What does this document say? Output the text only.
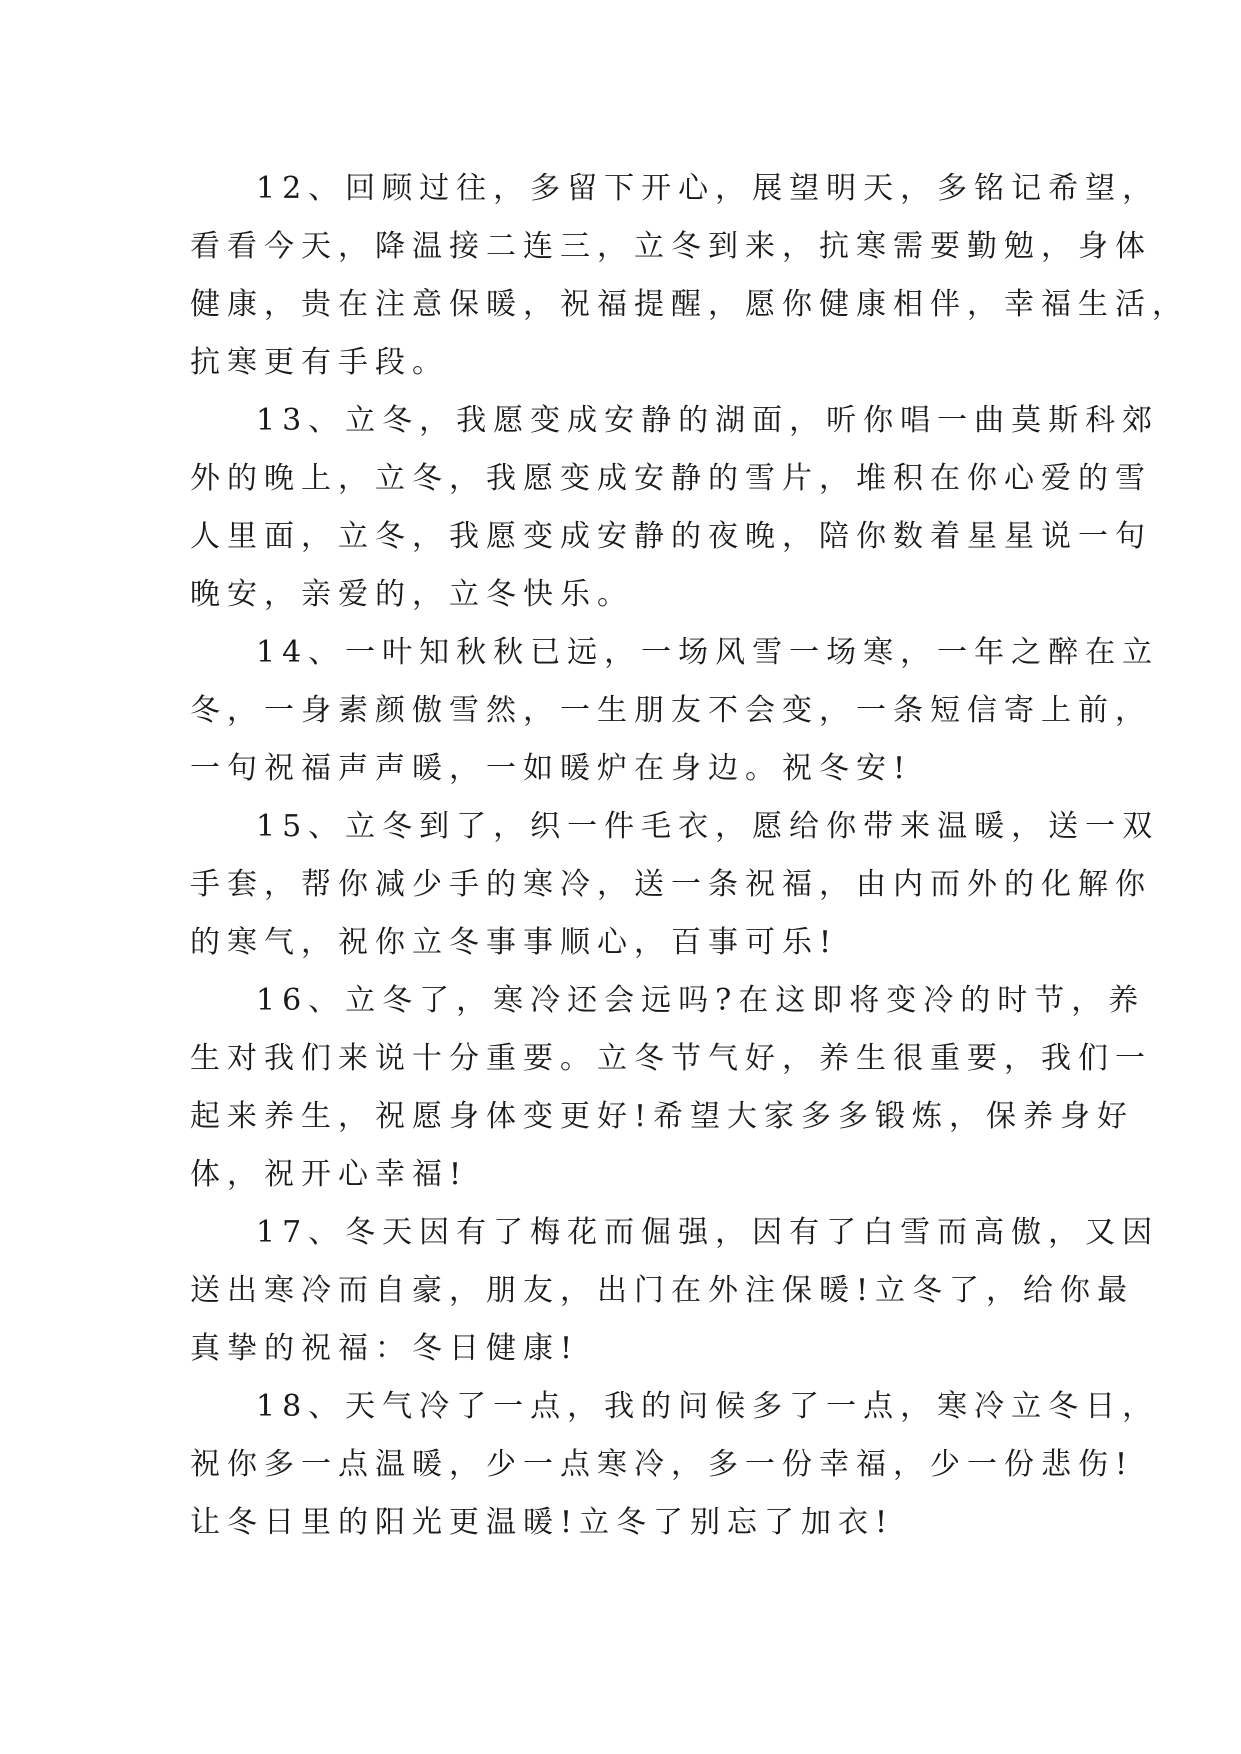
12、回顾过往，多留下开心，展望明天，多铭记希望，
看看今天，降温接二连三，立冬到来，抗寒需要勤勉，身体
健康，贵在注意保暖，祝福提醒，愿你健康相伴，幸福生活，
抗寒更有手段。
13、立冬，我愿变成安静的湖面，听你唱一曲莫斯科郊
外的晚上，立冬，我愿变成安静的雪片，堆积在你心爱的雪
人里面，立冬，我愿变成安静的夜晚，陪你数着星星说一句
晚安，亲爱的，立冬快乐。
14、一叶知秋秋已远，一场风雪一场寒，一年之醉在立
冬，一身素颜傲雪然，一生朋友不会变，一条短信寄上前，
一句祝福声声暖，一如暖炉在身边。祝冬安!
15、立冬到了，织一件毛衣，愿给你带来温暖，送一双
手套，帮你减少手的寒冷，送一条祝福，由内而外的化解你
的寒气，祝你立冬事事顺心，百事可乐!
16、立冬了，寒冷还会远吗?在这即将变冷的时节，养
生对我们来说十分重要。立冬节气好，养生很重要，我们一
起来养生，祝愿身体变更好!希望大家多多锻炼，保养身好
体，祝开心幸福!
17、冬天因有了梅花而倔强，因有了白雪而高傲，又因
送出寒冷而自豪，朋友，出门在外注保暖!立冬了，给你最
真挚的祝福：冬日健康!
18、天气冷了一点，我的问候多了一点，寒冷立冬日，
祝你多一点温暖，少一点寒冷，多一份幸福，少一份悲伤!
让冬日里的阳光更温暖!立冬了别忘了加衣!
